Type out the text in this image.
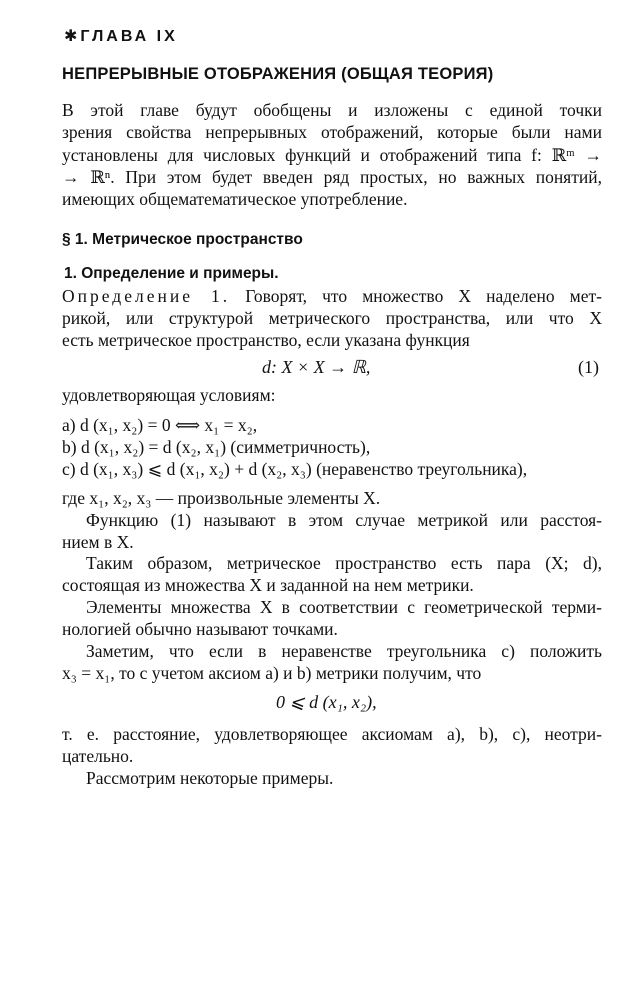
✱ГЛАВА IX
НЕПРЕРЫВНЫЕ ОТОБРАЖЕНИЯ (ОБЩАЯ ТЕОРИЯ)
В этой главе будут обобщены и изложены с единой точки
зрения свойства непрерывных отображений, которые были нами
установлены для числовых функций и отображений типа f: ℝᵐ →
→ ℝⁿ. При этом будет введен ряд простых, но важных понятий,
имеющих общематематическое употребление.
§ 1. Метрическое пространство
1. Определение и примеры.
Определение 1. Говорят, что множество X наделено мет-
рикой, или структурой метрического пространства, или что X
есть метрическое пространство, если указана функция
d: X × X → ℝ,	(1)
удовлетворяющая условиям:
a) d (x₁, x₂) = 0 ⟺ x₁ = x₂,
b) d (x₁, x₂) = d (x₂, x₁) (симметричность),
c) d (x₁, x₃) ⩽ d (x₁, x₂) + d (x₂, x₃) (неравенство треугольника),
где x₁, x₂, x₃ — произвольные элементы X.
Функцию (1) называют в этом случае метрикой или расстоя-
нием в X.
Таким образом, метрическое пространство есть пара (X; d),
состоящая из множества X и заданной на нем метрики.
Элементы множества X в соответствии с геометрической терми-
нологией обычно называют точками.
Заметим, что если в неравенстве треугольника c) положить
x₃ = x₁, то с учетом аксиом a) и b) метрики получим, что
0 ⩽ d (x₁, x₂),
т. е. расстояние, удовлетворяющее аксиомам a), b), c), неотри-
цательно.
Рассмотрим некоторые примеры.
